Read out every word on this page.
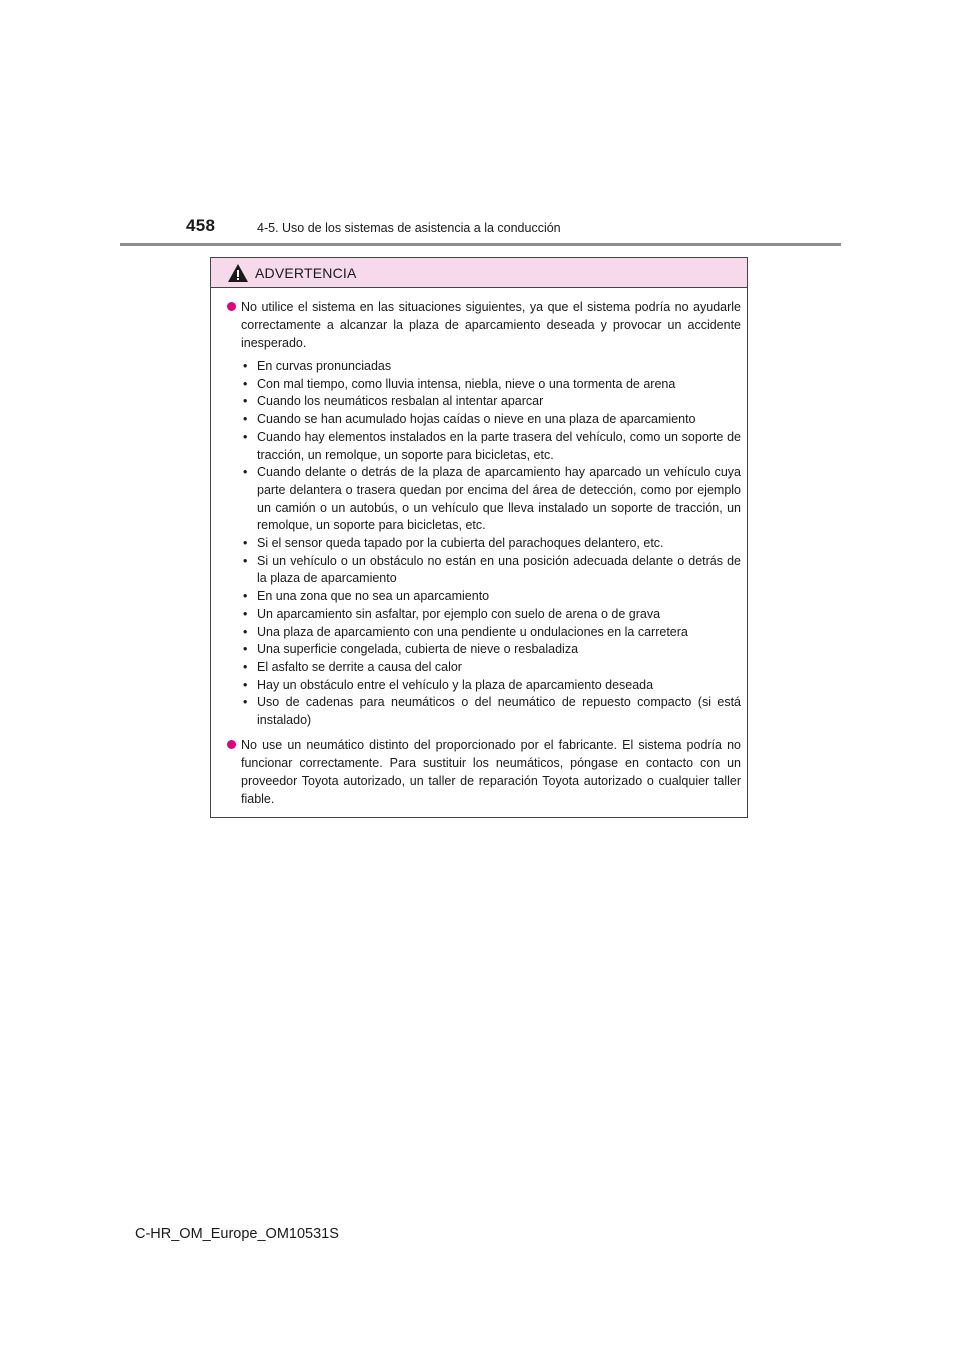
458	4-5. Uso de los sistemas de asistencia a la conducción
ADVERTENCIA
No utilice el sistema en las situaciones siguientes, ya que el sistema podría no ayudarle correctamente a alcanzar la plaza de aparcamiento deseada y provocar un accidente inesperado.
• En curvas pronunciadas
• Con mal tiempo, como lluvia intensa, niebla, nieve o una tormenta de arena
• Cuando los neumáticos resbalan al intentar aparcar
• Cuando se han acumulado hojas caídas o nieve en una plaza de aparcamiento
• Cuando hay elementos instalados en la parte trasera del vehículo, como un soporte de tracción, un remolque, un soporte para bicicletas, etc.
• Cuando delante o detrás de la plaza de aparcamiento hay aparcado un vehículo cuya parte delantera o trasera quedan por encima del área de detección, como por ejemplo un camión o un autobús, o un vehículo que lleva instalado un soporte de tracción, un remolque, un soporte para bicicletas, etc.
• Si el sensor queda tapado por la cubierta del parachoques delantero, etc.
• Si un vehículo o un obstáculo no están en una posición adecuada delante o detrás de la plaza de aparcamiento
• En una zona que no sea un aparcamiento
• Un aparcamiento sin asfaltar, por ejemplo con suelo de arena o de grava
• Una plaza de aparcamiento con una pendiente u ondulaciones en la carretera
• Una superficie congelada, cubierta de nieve o resbaladiza
• El asfalto se derrite a causa del calor
• Hay un obstáculo entre el vehículo y la plaza de aparcamiento deseada
• Uso de cadenas para neumáticos o del neumático de repuesto compacto (si está instalado)
No use un neumático distinto del proporcionado por el fabricante. El sistema podría no funcionar correctamente. Para sustituir los neumáticos, póngase en contacto con un proveedor Toyota autorizado, un taller de reparación Toyota autorizado o cualquier taller fiable.
C-HR_OM_Europe_OM10531S
